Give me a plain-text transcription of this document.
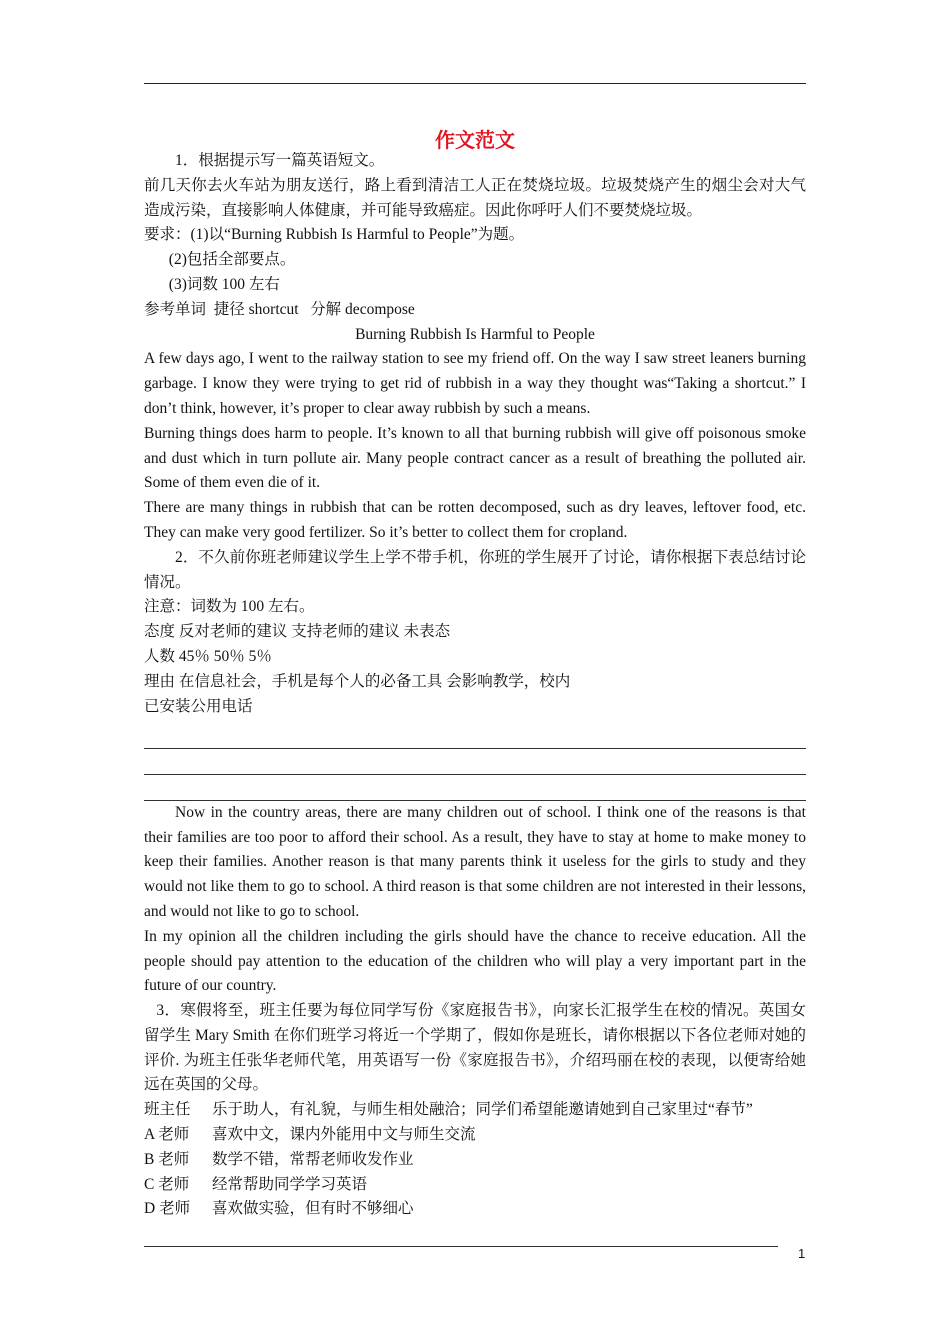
作文范文

1．根据提示写一篇英语短文。

前几天你去火车站为朋友送行，路上看到清洁工人正在焚烧垃圾。垃圾焚烧产生的烟尘会对大气造成污染，直接影响人体健康，并可能导致癌症。因此你呼吁人们不要焚烧垃圾。

要求：(1)以“Burning Rubbish Is Harmful to People”为题。

(2)包括全部要点。

(3)词数 100 左右

参考单词  捷径 shortcut   分解 decompose

Burning Rubbish Is Harmful to People

A few days ago, I went to the railway station to see my friend off. On the way I saw street leaners burning garbage. I know they were trying to get rid of rubbish in a way they thought was“Taking a shortcut.” I don’t think, however, it’s proper to clear away rubbish by such a means.

Burning things does harm to people. It’s known to all that burning rubbish will give off poisonous smoke and dust which in turn pollute air. Many people contract cancer as a result of breathing the polluted air. Some of them even die of it.

There are many things in rubbish that can be rotten decomposed, such as dry leaves, leftover food, etc. They can make very good fertilizer. So it’s better to collect them for cropland.

2．不久前你班老师建议学生上学不带手机，你班的学生展开了讨论，请你根据下表总结讨论情况。

注意：词数为 100 左右。

态度 反对老师的建议 支持老师的建议 未表态

人数 45％ 50％ 5％

理由 在信息社会，手机是每个人的必备工具 会影响教学，校内

已安装公用电话

Now in the country areas, there are many children out of school. I think one of the reasons is that their families are too poor to afford their school. As a result, they have to stay at home to make money to keep their families. Another reason is that many parents think it useless for the girls to study and they would not like them to go to school. A third reason is that some children are not interested in their lessons, and would not like to go to school.

In my opinion all the children including the girls should have the chance to receive education. All the people should pay attention to the education of the children who will play a very important part in the future of our country.

3．寒假将至，班主任要为每位同学写份《家庭报告书》，向家长汇报学生在校的情况。英国女留学生 Mary Smith 在你们班学习将近一个学期了，假如你是班长，请你根据以下各位老师对她的评价. 为班主任张华老师代笔，用英语写一份《家庭报告书》，介绍玛丽在校的表现，以便寄给她远在英国的父母。

班主任	乐于助人，有礼貌，与师生相处融洽；同学们希望能邀请她到自己家里过“春节”
A 老师	喜欢中文，课内外能用中文与师生交流
B 老师	数学不错，常帮老师收发作业
C 老师	经常帮助同学学习英语
D 老师	喜欢做实验，但有时不够细心
1
